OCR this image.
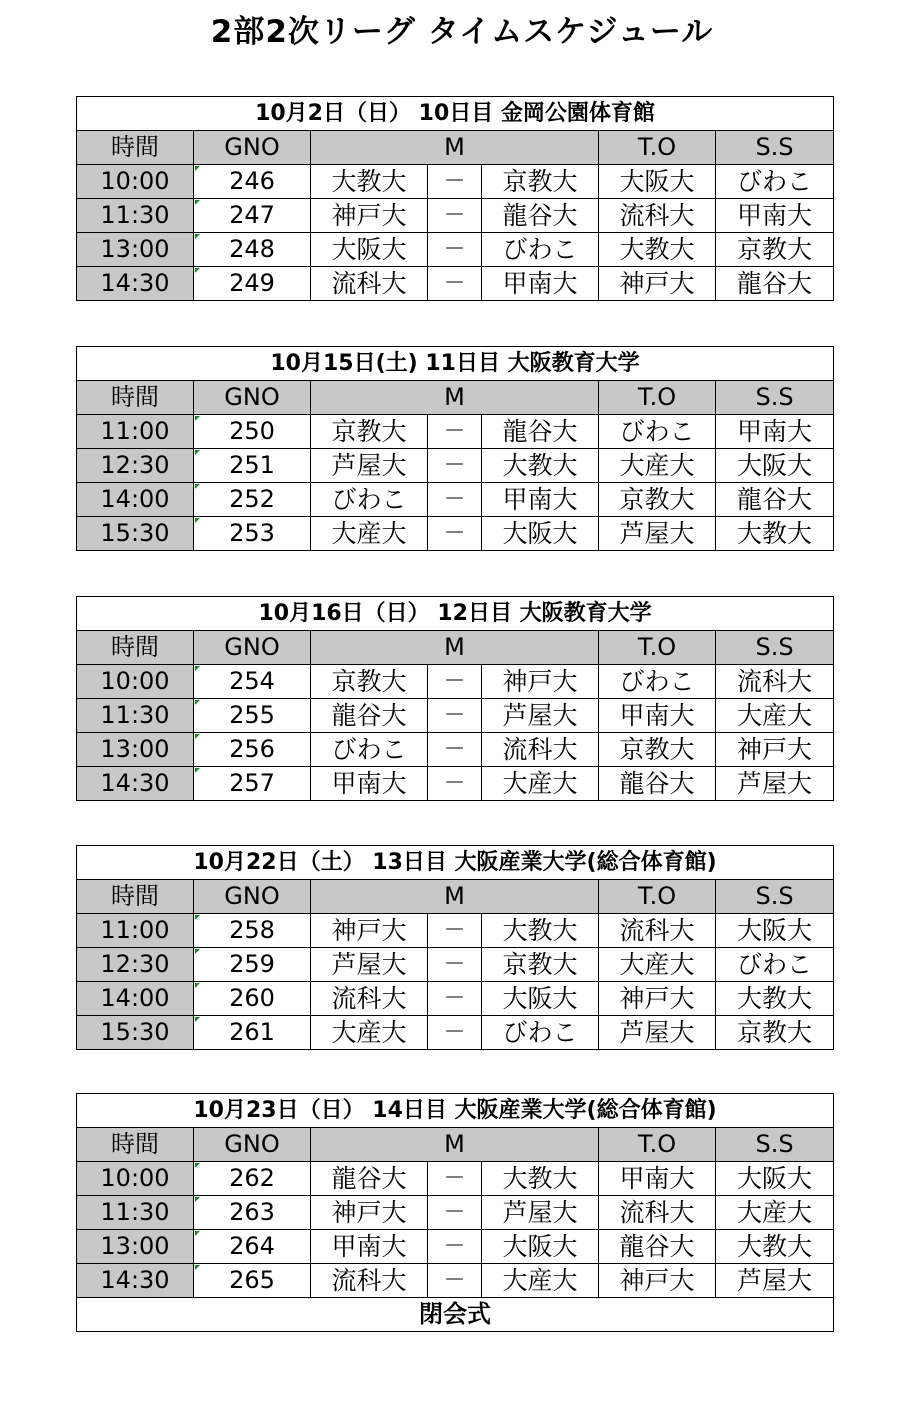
2部2次リーグ タイムスケジュール
10月2日（日） 10日目 金岡公園体育館						
時間	GNO	M			T.O	S.S
10:00	246	大教大	－	京教大	大阪大	びわこ
11:30	247	神戸大	－	龍谷大	流科大	甲南大
13:00	248	大阪大	－	びわこ	大教大	京教大
14:30	249	流科大	－	甲南大	神戸大	龍谷大
10月15日(土) 11日目 大阪教育大学						
時間	GNO	M			T.O	S.S
11:00	250	京教大	－	龍谷大	びわこ	甲南大
12:30	251	芦屋大	－	大教大	大産大	大阪大
14:00	252	びわこ	－	甲南大	京教大	龍谷大
15:30	253	大産大	－	大阪大	芦屋大	大教大
10月16日（日） 12日目 大阪教育大学						
時間	GNO	M			T.O	S.S
10:00	254	京教大	－	神戸大	びわこ	流科大
11:30	255	龍谷大	－	芦屋大	甲南大	大産大
13:00	256	びわこ	－	流科大	京教大	神戸大
14:30	257	甲南大	－	大産大	龍谷大	芦屋大
10月22日（土） 13日目 大阪産業大学(総合体育館)						
時間	GNO	M			T.O	S.S
11:00	258	神戸大	－	大教大	流科大	大阪大
12:30	259	芦屋大	－	京教大	大産大	びわこ
14:00	260	流科大	－	大阪大	神戸大	大教大
15:30	261	大産大	－	びわこ	芦屋大	京教大
10月23日（日） 14日目 大阪産業大学(総合体育館)						
時間	GNO	M			T.O	S.S
10:00	262	龍谷大	－	大教大	甲南大	大阪大
11:30	263	神戸大	－	芦屋大	流科大	大産大
13:00	264	甲南大	－	大阪大	龍谷大	大教大
14:30	265	流科大	－	大産大	神戸大	芦屋大
閉会式						
